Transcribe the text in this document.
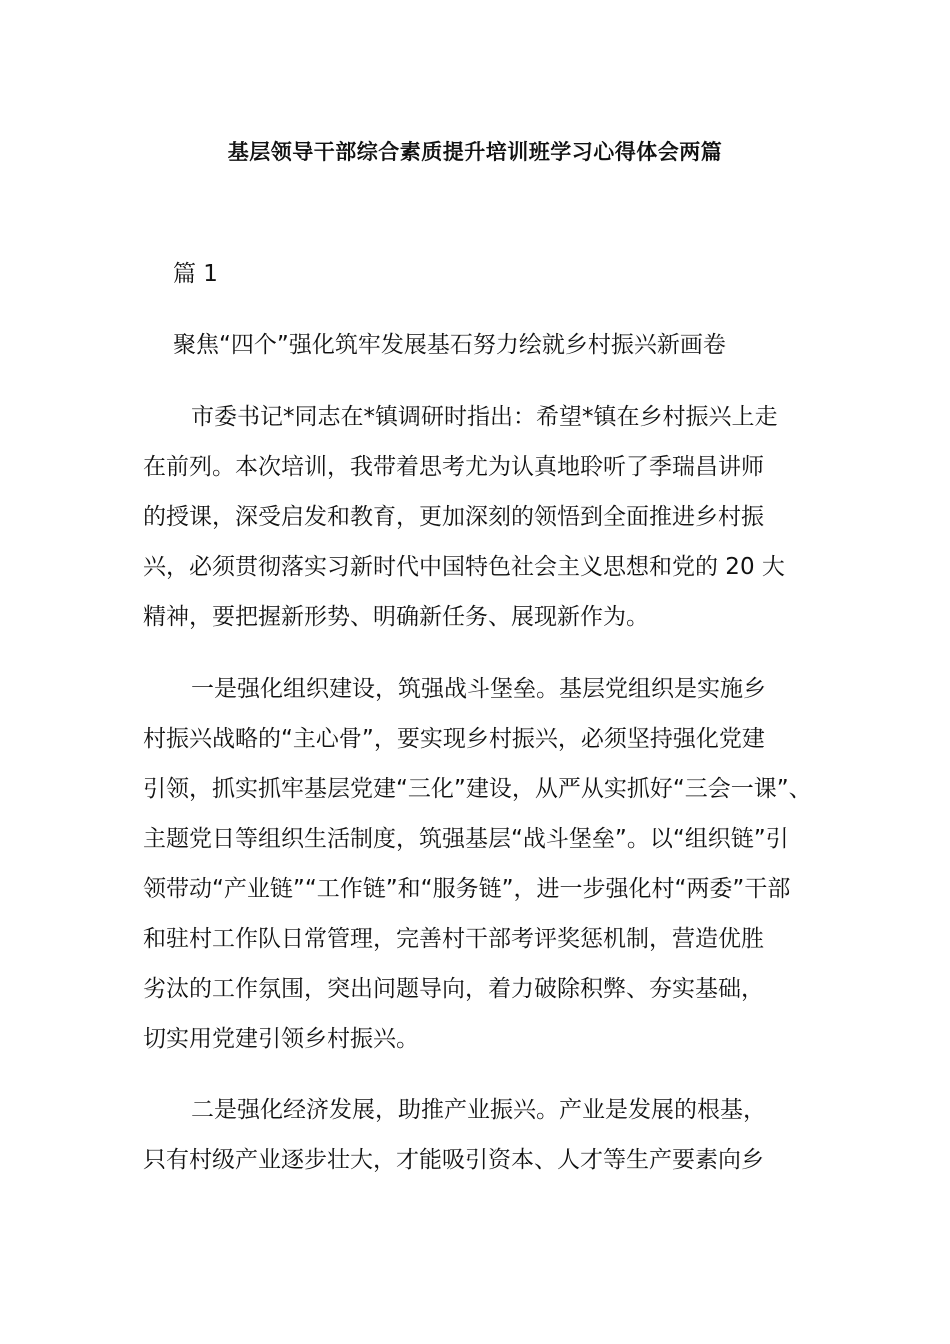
基层领导干部综合素质提升培训班学习心得体会两篇
篇 1
聚焦“四个”强化筑牢发展基石努力绘就乡村振兴新画卷
市委书记*同志在*镇调研时指出：希望*镇在乡村振兴上走
在前列。本次培训，我带着思考尤为认真地聆听了季瑞昌讲师
的授课，深受启发和教育，更加深刻的领悟到全面推进乡村振
兴，必须贯彻落实习新时代中国特色社会主义思想和党的 20 大
精神，要把握新形势、明确新任务、展现新作为。
一是强化组织建设，筑强战斗堡垒。基层党组织是实施乡
村振兴战略的“主心骨”，要实现乡村振兴，必须坚持强化党建
引领，抓实抓牢基层党建“三化”建设，从严从实抓好“三会一课”、
主题党日等组织生活制度，筑强基层“战斗堡垒”。以“组织链”引
领带动“产业链”“工作链”和“服务链”，进一步强化村“两委”干部
和驻村工作队日常管理，完善村干部考评奖惩机制，营造优胜
劣汰的工作氛围，突出问题导向，着力破除积弊、夯实基础，
切实用党建引领乡村振兴。
二是强化经济发展，助推产业振兴。产业是发展的根基，
只有村级产业逐步壮大，才能吸引资本、人才等生产要素向乡
